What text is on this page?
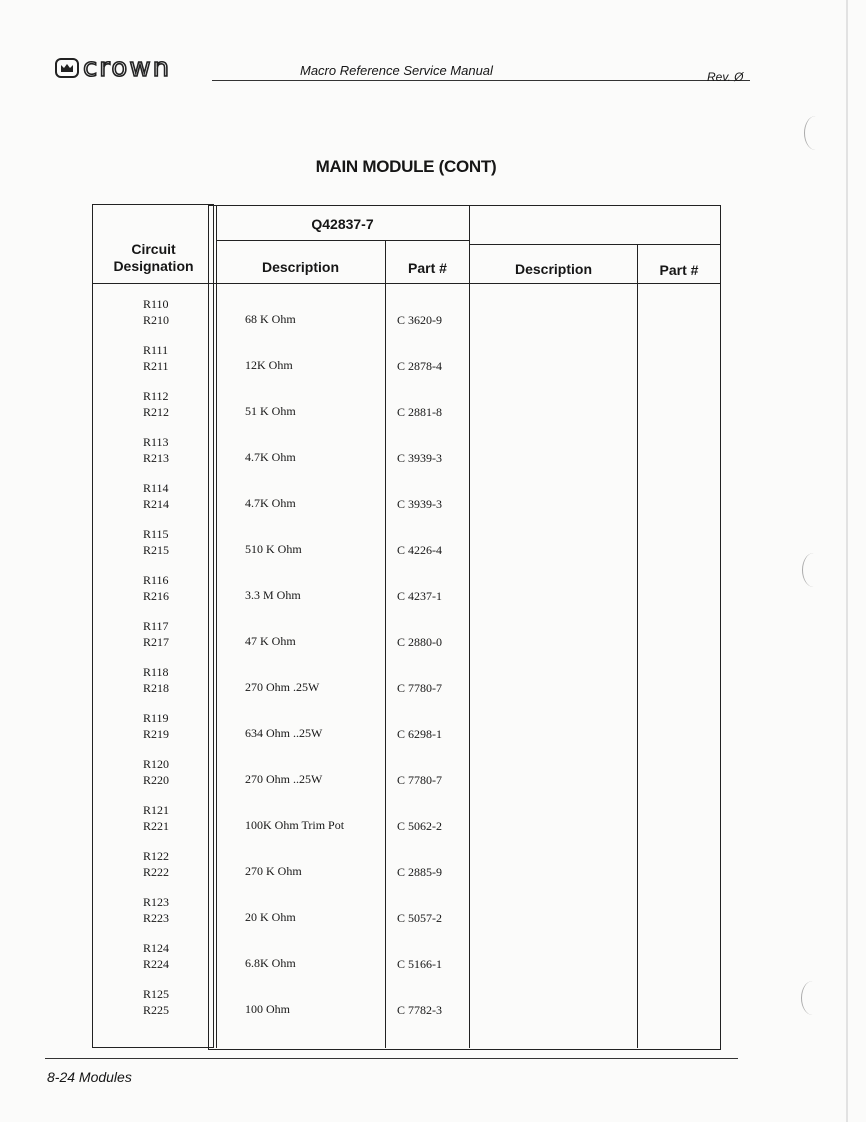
crown	Macro Reference Service Manual	Rev. Ø
MAIN MODULE (CONT)
Q42837-7
Circuit
Designation	Description	Part #	Description	Part #
R110
R210	68 K Ohm	C 3620-9
R111
R211	12K Ohm	C 2878-4
R112
R212	51 K Ohm	C 2881-8
R113
R213	4.7K Ohm	C 3939-3
R114
R214	4.7K Ohm	C 3939-3
R115
R215	510 K Ohm	C 4226-4
R116
R216	3.3 M Ohm	C 4237-1
R117
R217	47 K Ohm	C 2880-0
R118
R218	270 Ohm .25W	C 7780-7
R119
R219	634 Ohm ..25W	C 6298-1
R120
R220	270 Ohm ..25W	C 7780-7
R121
R221	100K Ohm Trim Pot	C 5062-2
R122
R222	270 K Ohm	C 2885-9
R123
R223	20 K Ohm	C 5057-2
R124
R224	6.8K Ohm	C 5166-1
R125
R225	100 Ohm	C 7782-3
8-24 Modules
